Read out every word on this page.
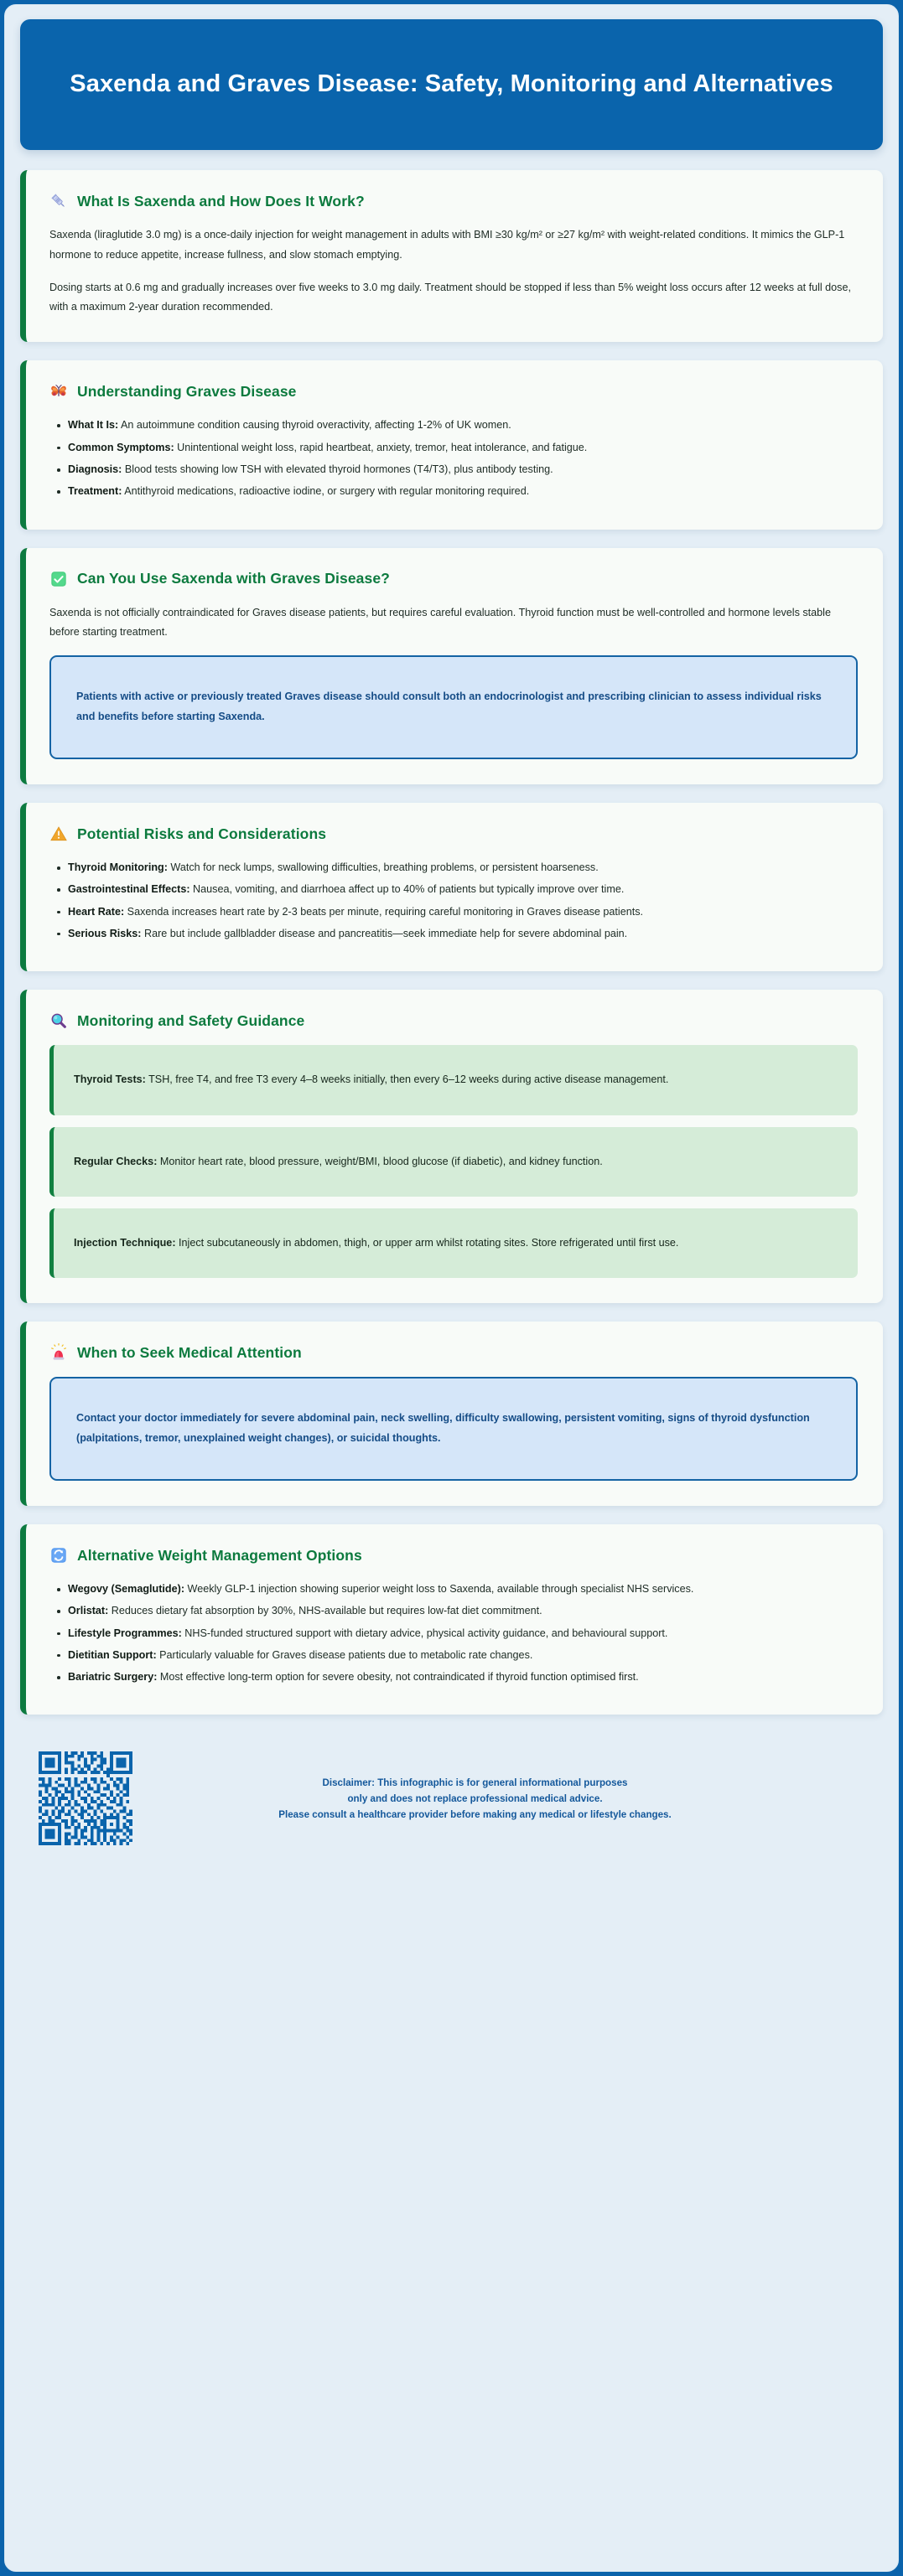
Saxenda and Graves Disease: Safety, Monitoring and Alternatives
What Is Saxenda and How Does It Work?

Saxenda (liraglutide 3.0 mg) is a once-daily injection for weight management in adults with BMI ≥30 kg/m² or ≥27 kg/m² with weight-related conditions. It mimics the GLP-1 hormone to reduce appetite, increase fullness, and slow stomach emptying.

Dosing starts at 0.6 mg and gradually increases over five weeks to 3.0 mg daily. Treatment should be stopped if less than 5% weight loss occurs after 12 weeks at full dose, with a maximum 2-year duration recommended.

Understanding Graves Disease
What It Is: An autoimmune condition causing thyroid overactivity, affecting 1-2% of UK women.
Common Symptoms: Unintentional weight loss, rapid heartbeat, anxiety, tremor, heat intolerance, and fatigue.
Diagnosis: Blood tests showing low TSH with elevated thyroid hormones (T4/T3), plus antibody testing.
Treatment: Antithyroid medications, radioactive iodine, or surgery with regular monitoring required.
Can You Use Saxenda with Graves Disease?

Saxenda is not officially contraindicated for Graves disease patients, but requires careful evaluation. Thyroid function must be well-controlled and hormone levels stable before starting treatment.

Patients with active or previously treated Graves disease should consult both an endocrinologist and prescribing clinician to assess individual risks and benefits before starting Saxenda.

Potential Risks and Considerations
Thyroid Monitoring: Watch for neck lumps, swallowing difficulties, breathing problems, or persistent hoarseness.
Gastrointestinal Effects: Nausea, vomiting, and diarrhoea affect up to 40% of patients but typically improve over time.
Heart Rate: Saxenda increases heart rate by 2-3 beats per minute, requiring careful monitoring in Graves disease patients.
Serious Risks: Rare but include gallbladder disease and pancreatitis—seek immediate help for severe abdominal pain.
Monitoring and Safety Guidance

Thyroid Tests: TSH, free T4, and free T3 every 4–8 weeks initially, then every 6–12 weeks during active disease management.

Regular Checks: Monitor heart rate, blood pressure, weight/BMI, blood glucose (if diabetic), and kidney function.

Injection Technique: Inject subcutaneously in abdomen, thigh, or upper arm whilst rotating sites. Store refrigerated until first use.

When to Seek Medical Attention

Contact your doctor immediately for severe abdominal pain, neck swelling, difficulty swallowing, persistent vomiting, signs of thyroid dysfunction (palpitations, tremor, unexplained weight changes), or suicidal thoughts.

Alternative Weight Management Options
Wegovy (Semaglutide): Weekly GLP-1 injection showing superior weight loss to Saxenda, available through specialist NHS services.
Orlistat: Reduces dietary fat absorption by 30%, NHS-available but requires low-fat diet commitment.
Lifestyle Programmes: NHS-funded structured support with dietary advice, physical activity guidance, and behavioural support.
Dietitian Support: Particularly valuable for Graves disease patients due to metabolic rate changes.
Bariatric Surgery: Most effective long-term option for severe obesity, not contraindicated if thyroid function optimised first.
Disclaimer: This infographic is for general informational purposes
only and does not replace professional medical advice.
Please consult a healthcare provider before making any medical or lifestyle changes.
